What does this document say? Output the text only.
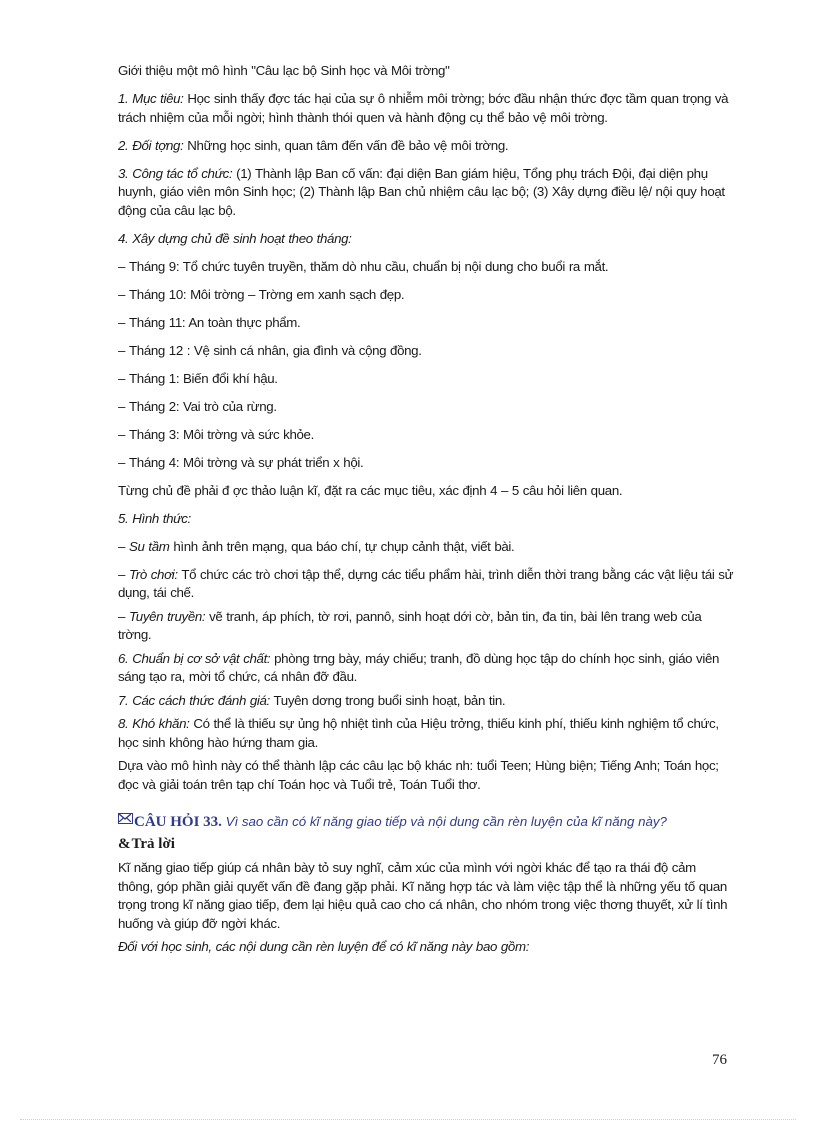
Giới thiệu một mô hình "Câu lạc bộ Sinh học và Môi trờng"

1. Mục tiêu: Học sinh thấy đợc tác hại của sự ô nhiễm môi trờng; bớc đầu nhận thức đợc tầm quan trọng và trách nhiệm của mỗi ngời; hình thành thói quen và hành động cụ thể bảo vệ môi trờng.

2. Đối tợng: Những học sinh, quan tâm đến vấn đề bảo vệ môi trờng.

3. Công tác tổ chức: (1) Thành lập Ban cố vấn: đại diện Ban giám hiệu, Tổng phụ trách Đội, đại diện phụ huynh, giáo viên môn Sinh học; (2) Thành lập Ban chủ nhiệm câu lạc bộ; (3) Xây dựng điều lệ/ nội quy hoạt động của câu lạc bộ.

4. Xây dựng chủ đề sinh hoạt theo tháng:

– Tháng 9: Tổ chức tuyên truyền, thăm dò nhu cầu, chuẩn bị nội dung cho buổi ra mắt.

– Tháng 10: Môi trờng – Trờng em xanh sạch đẹp.

– Tháng 11: An toàn thực phẩm.

– Tháng 12 : Vệ sinh cá nhân, gia đình và cộng đồng.

– Tháng 1: Biến đổi khí hậu.

– Tháng 2: Vai trò của rừng.

– Tháng 3: Môi trờng và sức khỏe.

– Tháng 4: Môi trờng và sự phát triển x hội.

Từng chủ đề phải đ ợc thảo luận kĩ, đặt ra các mục tiêu, xác định 4 – 5 câu hỏi liên quan.

5. Hình thức:

– Su tầm hình ảnh trên mạng, qua báo chí, tự chụp cảnh thật, viết bài.

– Trò chơi: Tổ chức các trò chơi tập thể, dựng các tiểu phẩm hài, trình diễn thời trang bằng các vật liệu tái sử dụng, tái chế.

– Tuyên truyền: vẽ tranh, áp phích, tờ rơi, pannô, sinh hoạt dới cờ, bản tin, đa tin, bài lên trang web của trờng.

6. Chuẩn bị cơ sở vật chất: phòng trng bày, máy chiếu; tranh, đồ dùng học tập do chính học sinh, giáo viên sáng tạo ra, mời tổ chức, cá nhân đỡ đầu.

7. Các cách thức đánh giá: Tuyên dơng trong buổi sinh hoạt, bản tin.

8. Khó khăn: Có thể là thiếu sự ủng hộ nhiệt tình của Hiệu trởng, thiếu kinh phí, thiếu kinh nghiệm tổ chức, học sinh không hào hứng tham gia.

Dựa vào mô hình này có thể thành lập các câu lạc bộ khác nh: tuổi Teen; Hùng biện; Tiếng Anh; Toán học; đọc và giải toán trên tạp chí Toán học và Tuổi trẻ, Toán Tuổi thơ.

CÂU HỎI 33. Vì sao cần có kĩ năng giao tiếp và nội dung cần rèn luyện của kĩ năng này?
&Trả lời

Kĩ năng giao tiếp giúp cá nhân bày tỏ suy nghĩ, cảm xúc của mình với ngời khác để tạo ra thái độ cảm thông, góp phần giải quyết vấn đề đang gặp phải. Kĩ năng hợp tác và làm việc tập thể là những yếu tố quan trọng trong kĩ năng giao tiếp, đem lại hiệu quả cao cho cá nhân, cho nhóm trong việc thơng thuyết, xử lí tình huống và giúp đỡ ngời khác.

Đối với học sinh, các nội dung cần rèn luyện để có kĩ năng này bao gồm:

76
